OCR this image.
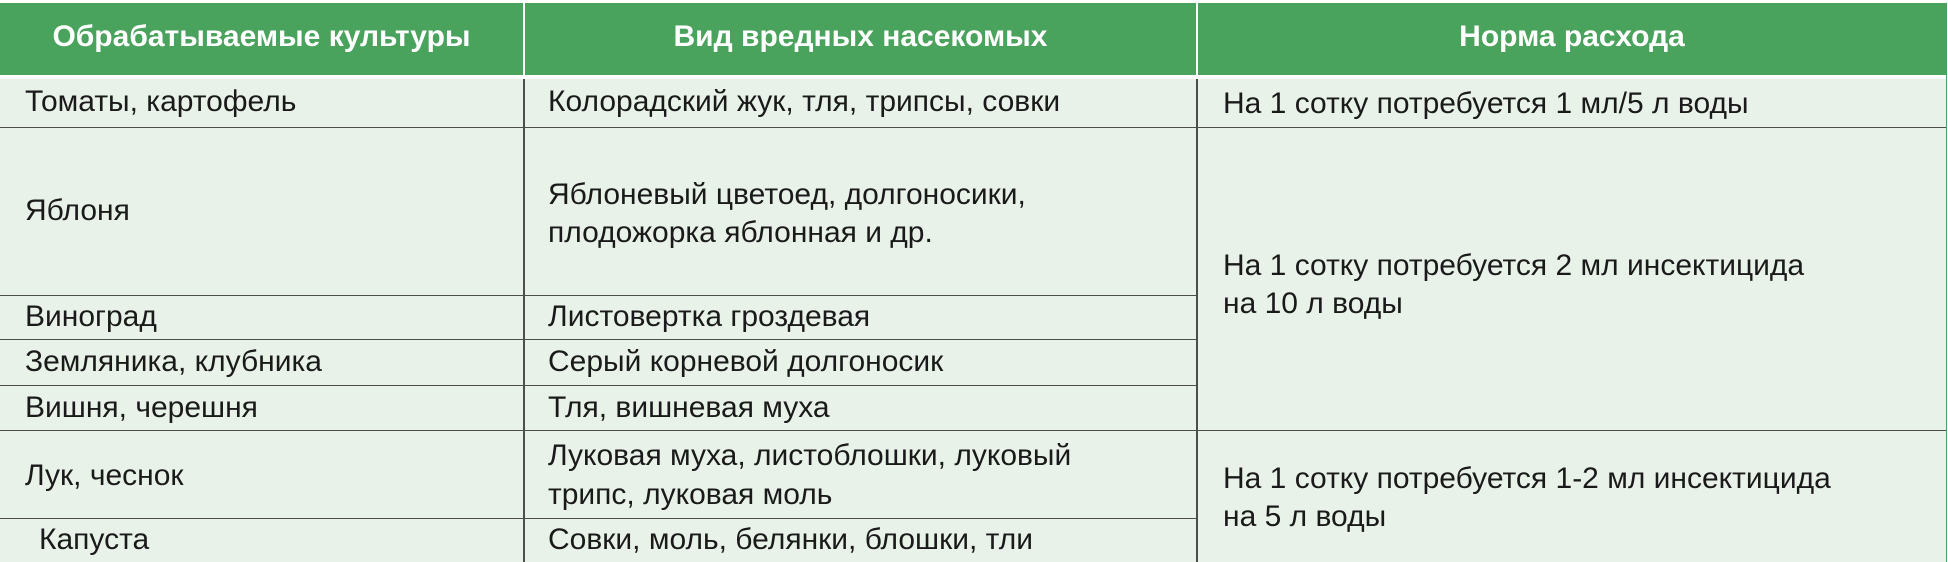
Обрабатываемые культуры	Вид вредных насекомых	Норма расхода
Томаты, картофель
Яблоня
Виноград
Земляника, клубника
Вишня, черешня
Лук, чеснок
Капуста
Колорадский жук, тля, трипсы, совки
Яблоневый цветоед, долгоносики,
плодожорка яблонная и др.
Листовертка гроздевая
Серый корневой долгоносик
Тля, вишневая муха
Луковая муха, листоблошки, луковый
трипс, луковая моль
Совки, моль, белянки, блошки, тли
На 1 сотку потребуется 1 мл/5 л воды
На 1 сотку потребуется 2 мл инсектицида
на 10 л воды
На 1 сотку потребуется 1-2 мл инсектицида
на 5 л воды
